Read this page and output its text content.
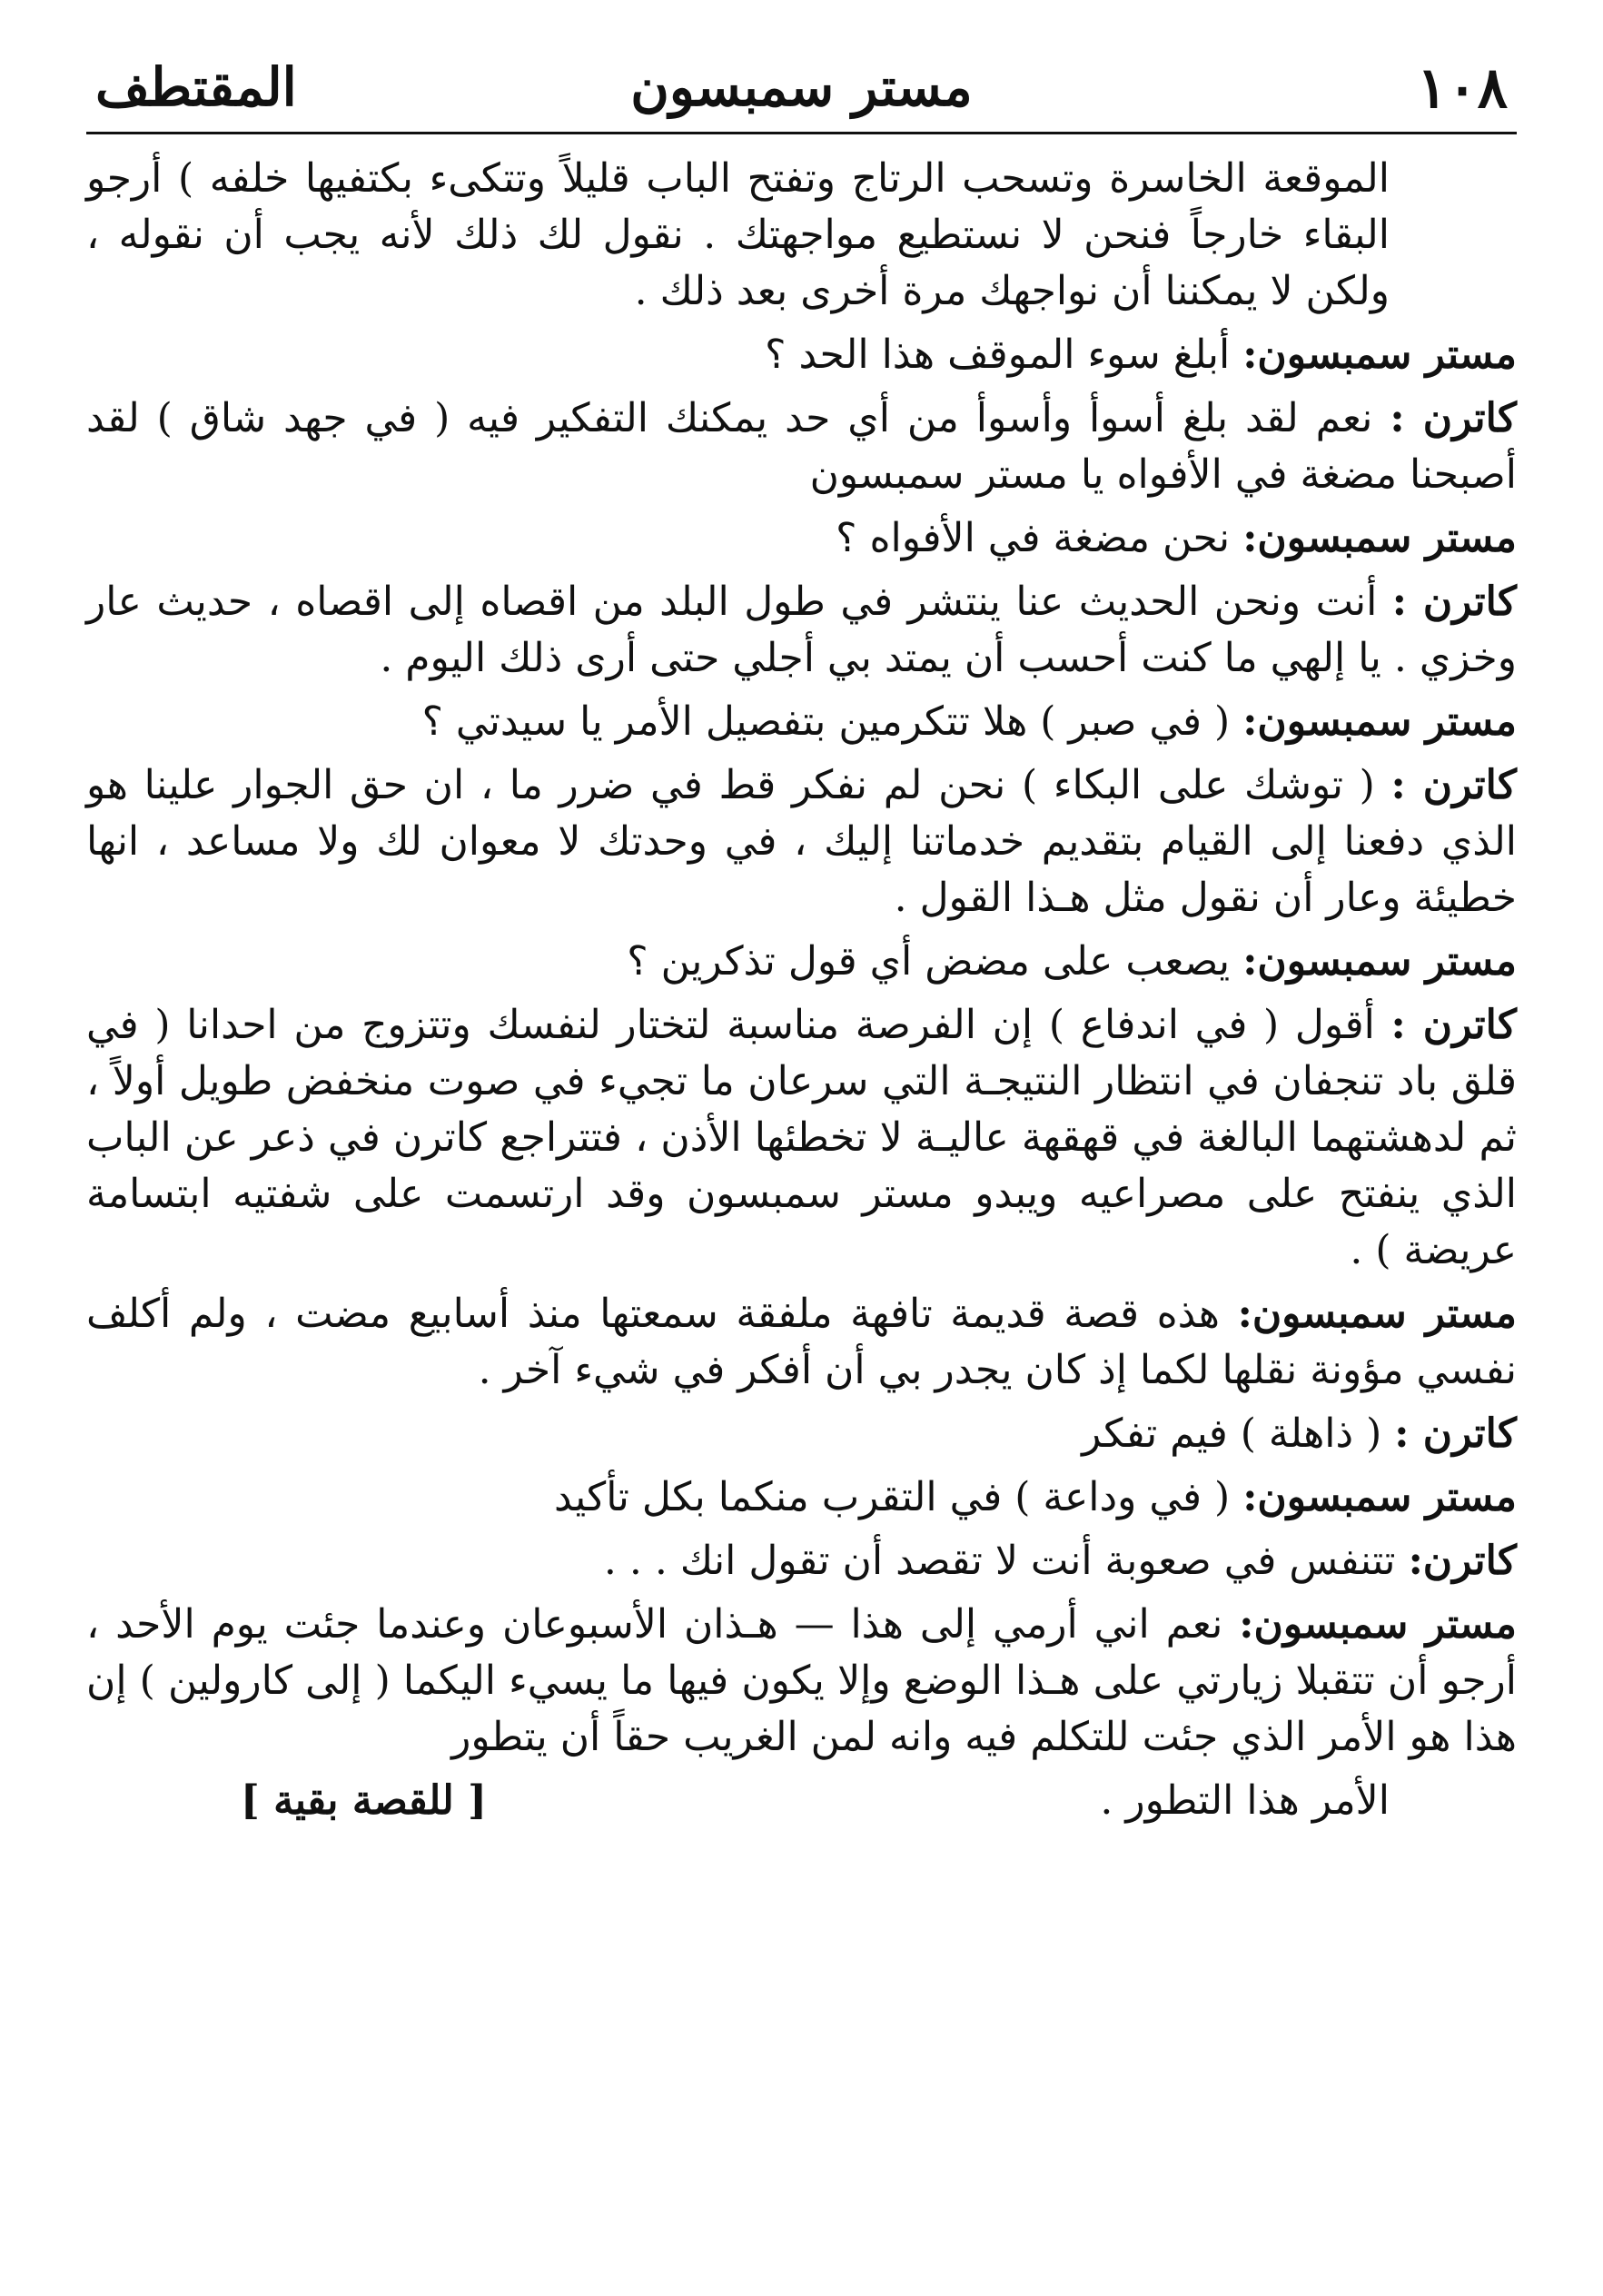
١٠٨
مستر سمبسون
المقتطف

الموقعة الخاسرة وتسحب الرتاج وتفتح الباب قليلاً وتتكىء بكتفيها خلفه ) أرجو البقاء خارجاً فنحن لا نستطيع مواجهتك . نقول لك ذلك لأنه يجب أن نقوله ، ولكن لا يمكننا أن نواجهك مرة أخرى بعد ذلك .

مستر سمبسون: أبلغ سوء الموقف هذا الحد ؟

كاترن : نعم لقد بلغ أسوأ وأسوأ من أي حد يمكنك التفكير فيه ( في جهد شاق ) لقد أصبحنا مضغة في الأفواه يا مستر سمبسون

مستر سمبسون: نحن مضغة في الأفواه ؟

كاترن : أنت ونحن الحديث عنا ينتشر في طول البلد من اقصاه إلى اقصاه ، حديث عار وخزي . يا إلهي ما كنت أحسب أن يمتد بي أجلي حتى أرى ذلك اليوم .

مستر سمبسون: ( في صبر ) هلا تتكرمين بتفصيل الأمر يا سيدتي ؟

كاترن : ( توشك على البكاء ) نحن لم نفكر قط في ضرر ما ، ان حق الجوار علينا هو الذي دفعنا إلى القيام بتقديم خدماتنا إليك ، في وحدتك لا معوان لك ولا مساعد ، انها خطيئة وعار أن نقول مثل هـذا القول .

مستر سمبسون: يصعب على مضض أي قول تذكرين ؟

كاترن : أقول ( في اندفاع ) إن الفرصة مناسبة لتختار لنفسك وتتزوج من احدانا ( في قلق باد تنجفان في انتظار النتيجـة التي سرعان ما تجيء في صوت منخفض طويل أولاً ، ثم لدهشتهما البالغة في قهقهة عاليـة لا تخطئها الأذن ، فتتراجع كاترن في ذعر عن الباب الذي ينفتح على مصراعيه ويبدو مستر سمبسون وقد ارتسمت على شفتيه ابتسامة عريضة ) .

مستر سمبسون: هذه قصة قديمة تافهة ملفقة سمعتها منذ أسابيع مضت ، ولم أكلف نفسي مؤونة نقلها لكما إذ كان يجدر بي أن أفكر في شيء آخر .

كاترن : ( ذاهلة ) فيم تفكر

مستر سمبسون: ( في وداعة ) في التقرب منكما بكل تأكيد

كاترن: تتنفس في صعوبة أنت لا تقصد أن تقول انك . . .

مستر سمبسون: نعم اني أرمي إلى هذا — هـذان الأسبوعان وعندما جئت يوم الأحد ، أرجو أن تتقبلا زيارتي على هـذا الوضع وإلا يكون فيها ما يسيء اليكما ( إلى كارولين ) إن هذا هو الأمر الذي جئت للتكلم فيه وانه لمن الغريب حقاً أن يتطور

الأمر هذا التطور .
[ للقصة بقية ]
